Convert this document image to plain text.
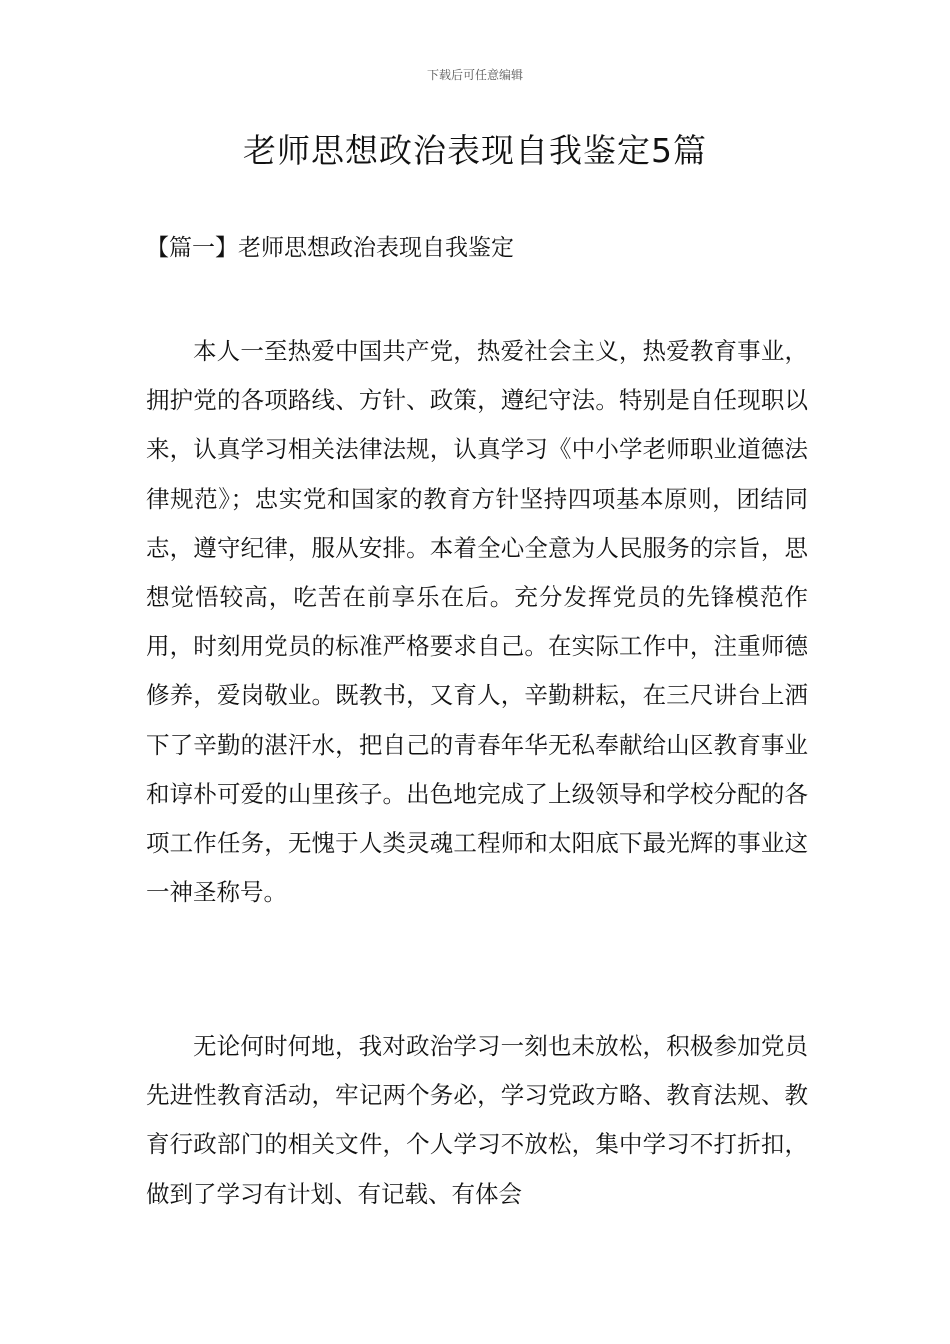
下载后可任意编辑
老师思想政治表现自我鉴定5篇
【篇一】老师思想政治表现自我鉴定

本人一至热爱中国共产党，热爱社会主义，热爱教育事业，拥护党的各项路线、方针、政策，遵纪守法。特别是自任现职以来，认真学习相关法律法规，认真学习《中小学老师职业道德法律规范》；忠实党和国家的教育方针坚持四项基本原则，团结同志，遵守纪律，服从安排。本着全心全意为人民服务的宗旨，思想觉悟较高，吃苦在前享乐在后。充分发挥党员的先锋模范作用，时刻用党员的标准严格要求自己。在实际工作中，注重师德修养，爱岗敬业。既教书，又育人，辛勤耕耘，在三尺讲台上洒下了辛勤的湛汗水，把自己的青春年华无私奉献给山区教育事业和谆朴可爱的山里孩子。出色地完成了上级领导和学校分配的各项工作任务，无愧于人类灵魂工程师和太阳底下最光辉的事业这一神圣称号。

无论何时何地，我对政治学习一刻也未放松，积极参加党员先进性教育活动，牢记两个务必，学习党政方略、教育法规、教育行政部门的相关文件，个人学习不放松，集中学习不打折扣，做到了学习有计划、有记载、有体会
